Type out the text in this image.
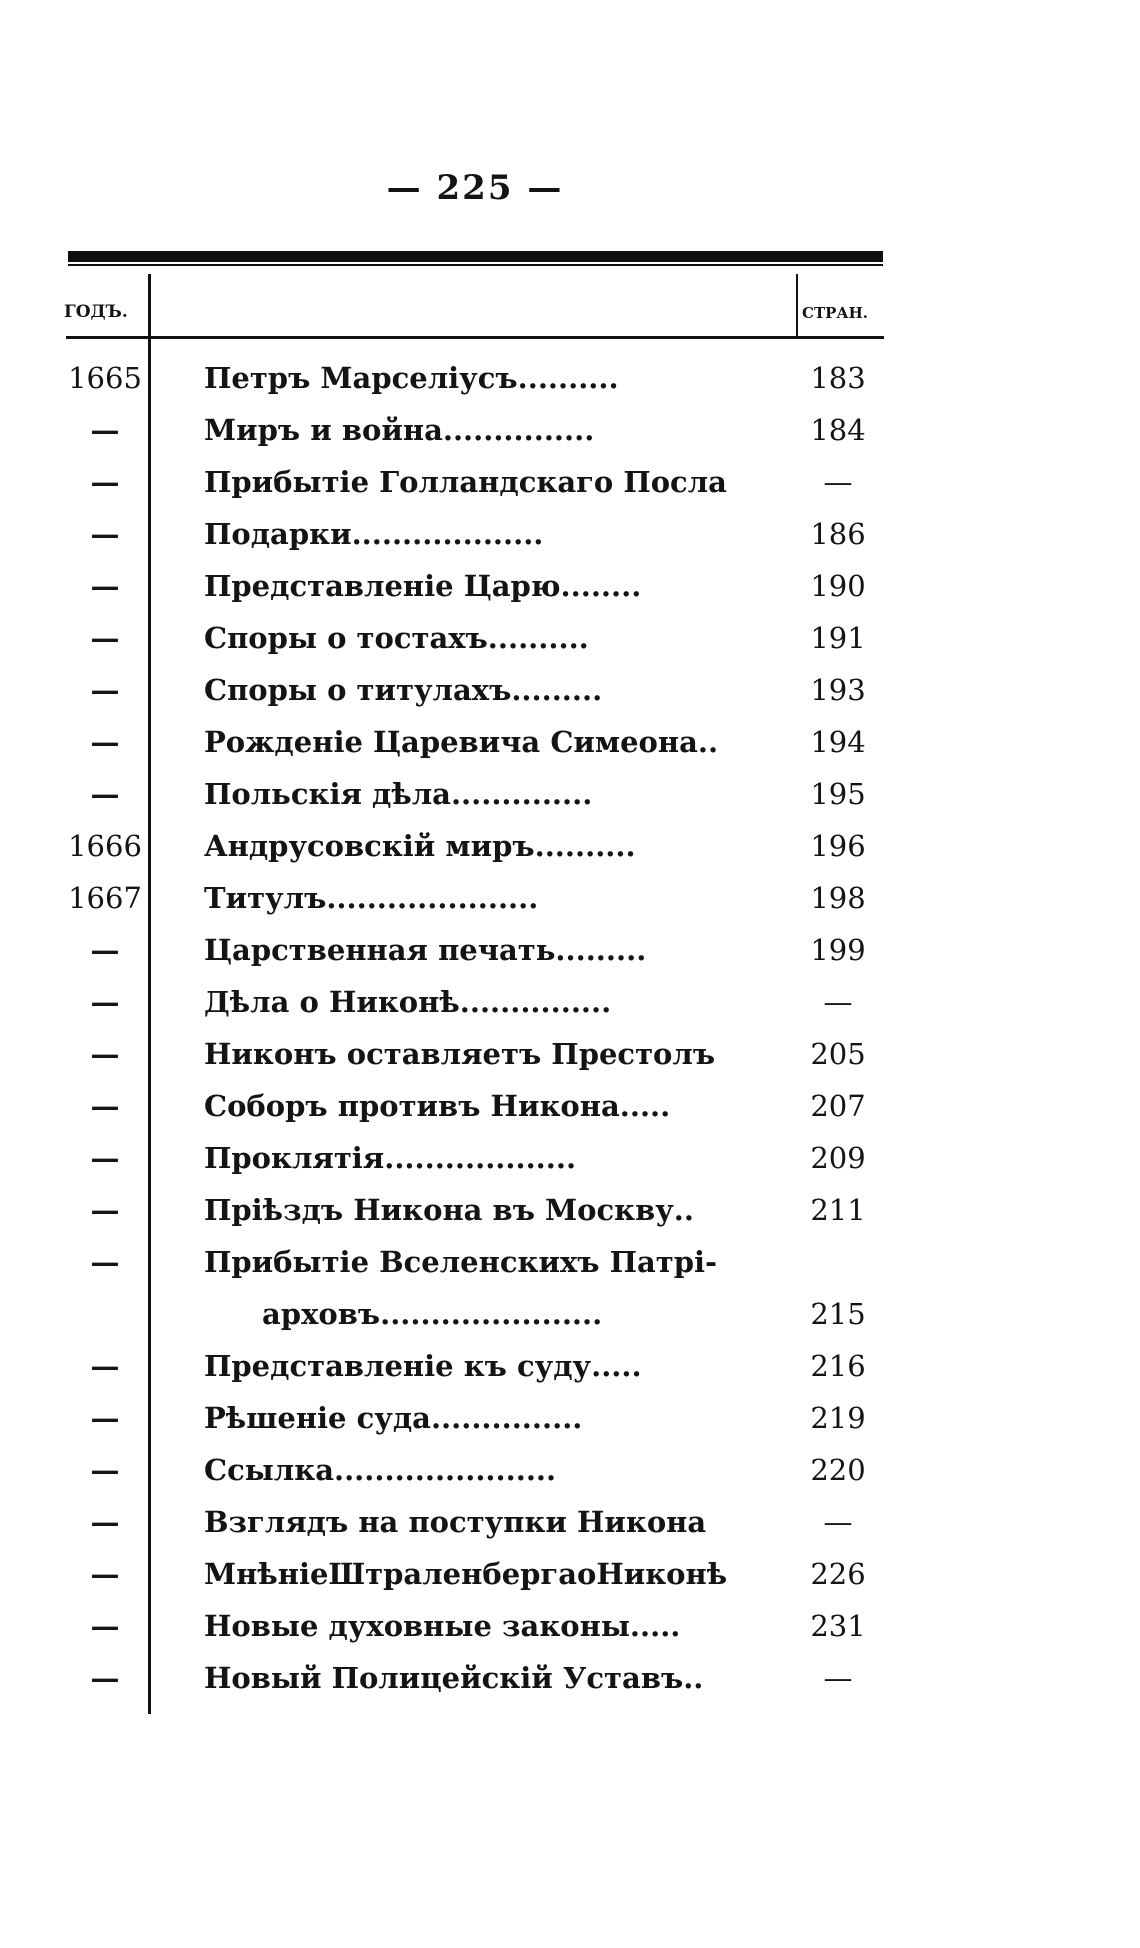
— 225 —
ГОДЪ.	СТРАН.
1665 Петръ Марселiусъ..........	183
—	Миръ и война...............	184
—	Прибытie Голландскаго Посла	—
—	Подарки...................	186
—	Представленie Царю........	190
—	Споры о тостахъ..........	191
—	Споры о титулахъ.........	193
—	Рожденie Царевича Симеона..	194
—	Польскiя дѣла..............	195
1666 Андрусовскiй миръ..........	196
1667 Титулъ.....................	198
—	Царственная печать.........	199
—	Дѣла о Никонѣ...............	—
—	Никонъ оставляетъ Престолъ	205
—	Соборъ противъ Никона.....	207
—	Проклятiя...................	209
—	Прiѣздъ Никона въ Москву..	211
—	Прибытie Вселенскихъ Патрi-
арховъ......................	215
—	Представленie къ суду.....	216
—	Рѣшенie суда...............	219
—	Ссылка......................	220
—	Взглядъ на поступки Никона	—
—	МнѣнieШтраленбергаоНиконѣ	226
—	Новые духовные законы.....	231
—	Новый Полицейскiй Уставъ..	—
